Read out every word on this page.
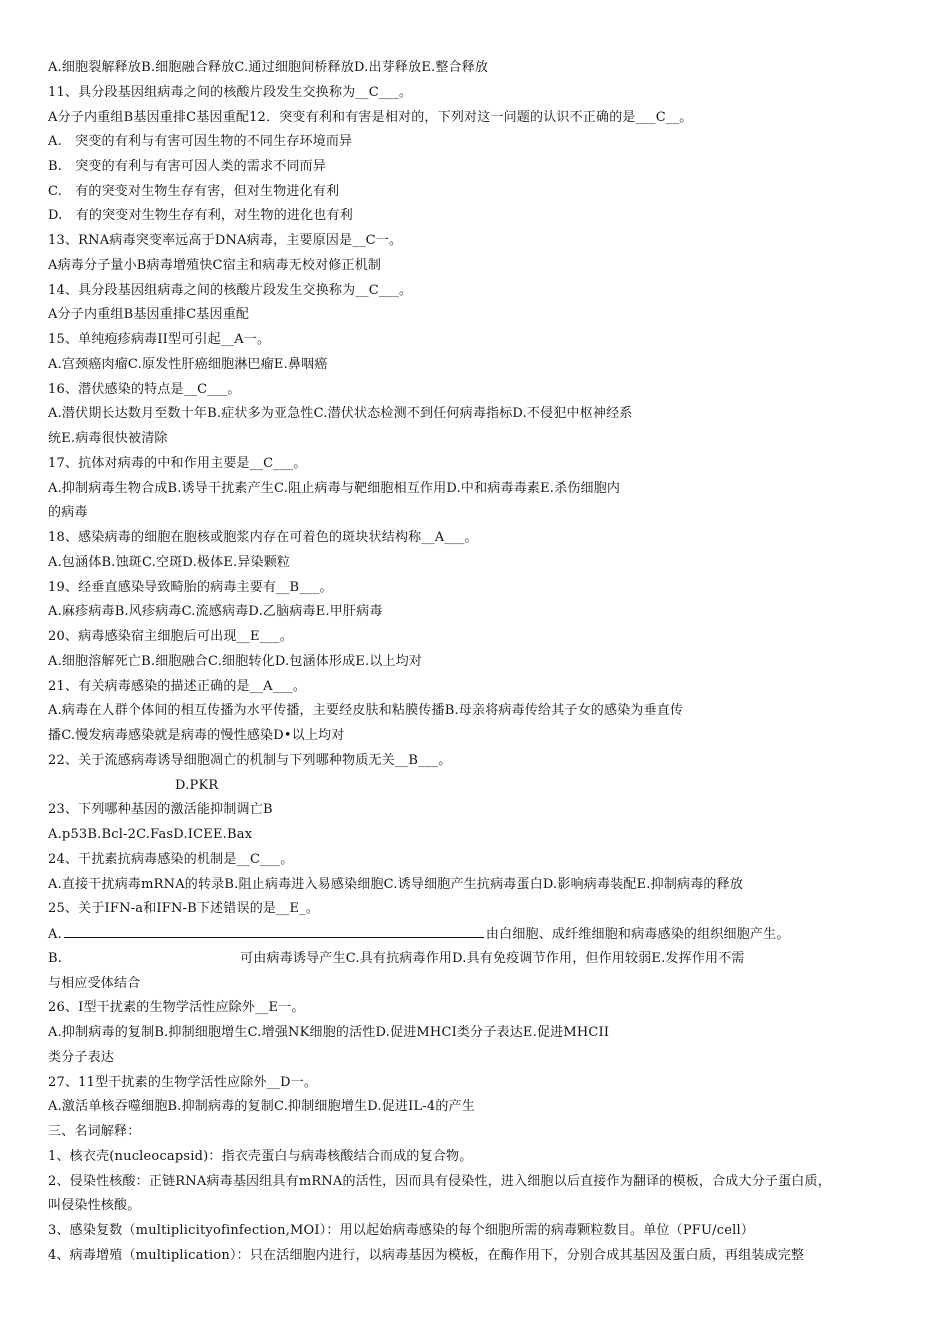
A.细胞裂解释放B.细胞融合释放C.通过细胞间桥释放D.出芽释放E.整合释放
11、具分段基因组病毒之间的核酸片段发生交换称为__C___。
A分子内重组B基因重排C基因重配12．突变有利和有害是相对的，下列对这一问题的认识不正确的是___C__。
A.　突变的有利与有害可因生物的不同生存环境而异
B.　突变的有利与有害可因人类的需求不同而异
C.　有的突变对生物生存有害，但对生物进化有利
D.　有的突变对生物生存有利，对生物的进化也有利
13、RNA病毒突变率远高于DNA病毒，主要原因是__C一。
A病毒分子量小B病毒增殖快C宿主和病毒无校对修正机制
14、具分段基因组病毒之间的核酸片段发生交换称为__C___。
A分子内重组B基因重排C基因重配
15、单纯疱疹病毒II型可引起__A一。
A.宫颈癌肉瘤C.原发性肝癌细胞淋巴瘤E.鼻咽癌
16、潜伏感染的特点是__C___。
A.潜伏期长达数月至数十年B.症状多为亚急性C.潜伏状态检测不到任何病毒指标D.不侵犯中枢神经系
统E.病毒很快被清除
17、抗体对病毒的中和作用主要是__C___。
A.抑制病毒生物合成B.诱导干扰素产生C.阻止病毒与靶细胞相互作用D.中和病毒毒素E.杀伤细胞内
的病毒
18、感染病毒的细胞在胞核或胞浆内存在可着色的斑块状结构称__A___。
A.包涵体B.蚀斑C.空斑D.极体E.异染颗粒
19、经垂直感染导致畸胎的病毒主要有__B___。
A.麻疹病毒B.风疹病毒C.流感病毒D.乙脑病毒E.甲肝病毒
20、病毒感染宿主细胞后可出现__E___。
A.细胞溶解死亡B.细胞融合C.细胞转化D.包涵体形成E.以上均对
21、有关病毒感染的描述正确的是__A___。
A.病毒在人群个体间的相互传播为水平传播，主要经皮肤和粘膜传播B.母亲将病毒传给其子女的感染为垂直传
播C.慢发病毒感染就是病毒的慢性感染D•以上均对
22、关于流感病毒诱导细胞凋亡的机制与下列哪种物质无关__B___。
D.PKR
23、下列哪种基因的激活能抑制调亡B
A.p53B.Bcl-2C.FasD.ICEE.Bax
24、干扰素抗病毒感染的机制是__C___。
A.直接干扰病毒mRNA的转录B.阻止病毒进入易感染细胞C.诱导细胞产生抗病毒蛋白D.影响病毒装配E.抑制病毒的释放
25、关于IFN-a和IFN-B下述错误的是__E_。
A.	由白细胞、成纤维细胞和病毒感染的组织细胞产生。
B.	可由病毒诱导产生C.具有抗病毒作用D.具有免疫调节作用，但作用较弱E.发挥作用不需
与相应受体结合
26、I型干扰素的生物学活性应除外__E一。
A.抑制病毒的复制B.抑制细胞增生C.增强NK细胞的活性D.促进MHCI类分子表达E.促进MHCII
类分子表达
27、11型干扰素的生物学活性应除外__D一。
A.激活单核吞噬细胞B.抑制病毒的复制C.抑制细胞增生D.促进IL-4的产生
三、名词解释：
1、核衣壳(nucleocapsid)：指衣壳蛋白与病毒核酸结合而成的复合物。
2、侵染性核酸：正链RNA病毒基因组具有mRNA的活性，因而具有侵染性，进入细胞以后直接作为翻译的模板，合成大分子蛋白质，
叫侵染性核酸。
3、感染复数（multiplicityofinfection,MOI）：用以起始病毒感染的每个细胞所需的病毒颗粒数目。单位（PFU/cell）
4、病毒增殖（multiplication）：只在活细胞内进行，以病毒基因为模板，在酶作用下，分别合成其基因及蛋白质，再组装成完整
